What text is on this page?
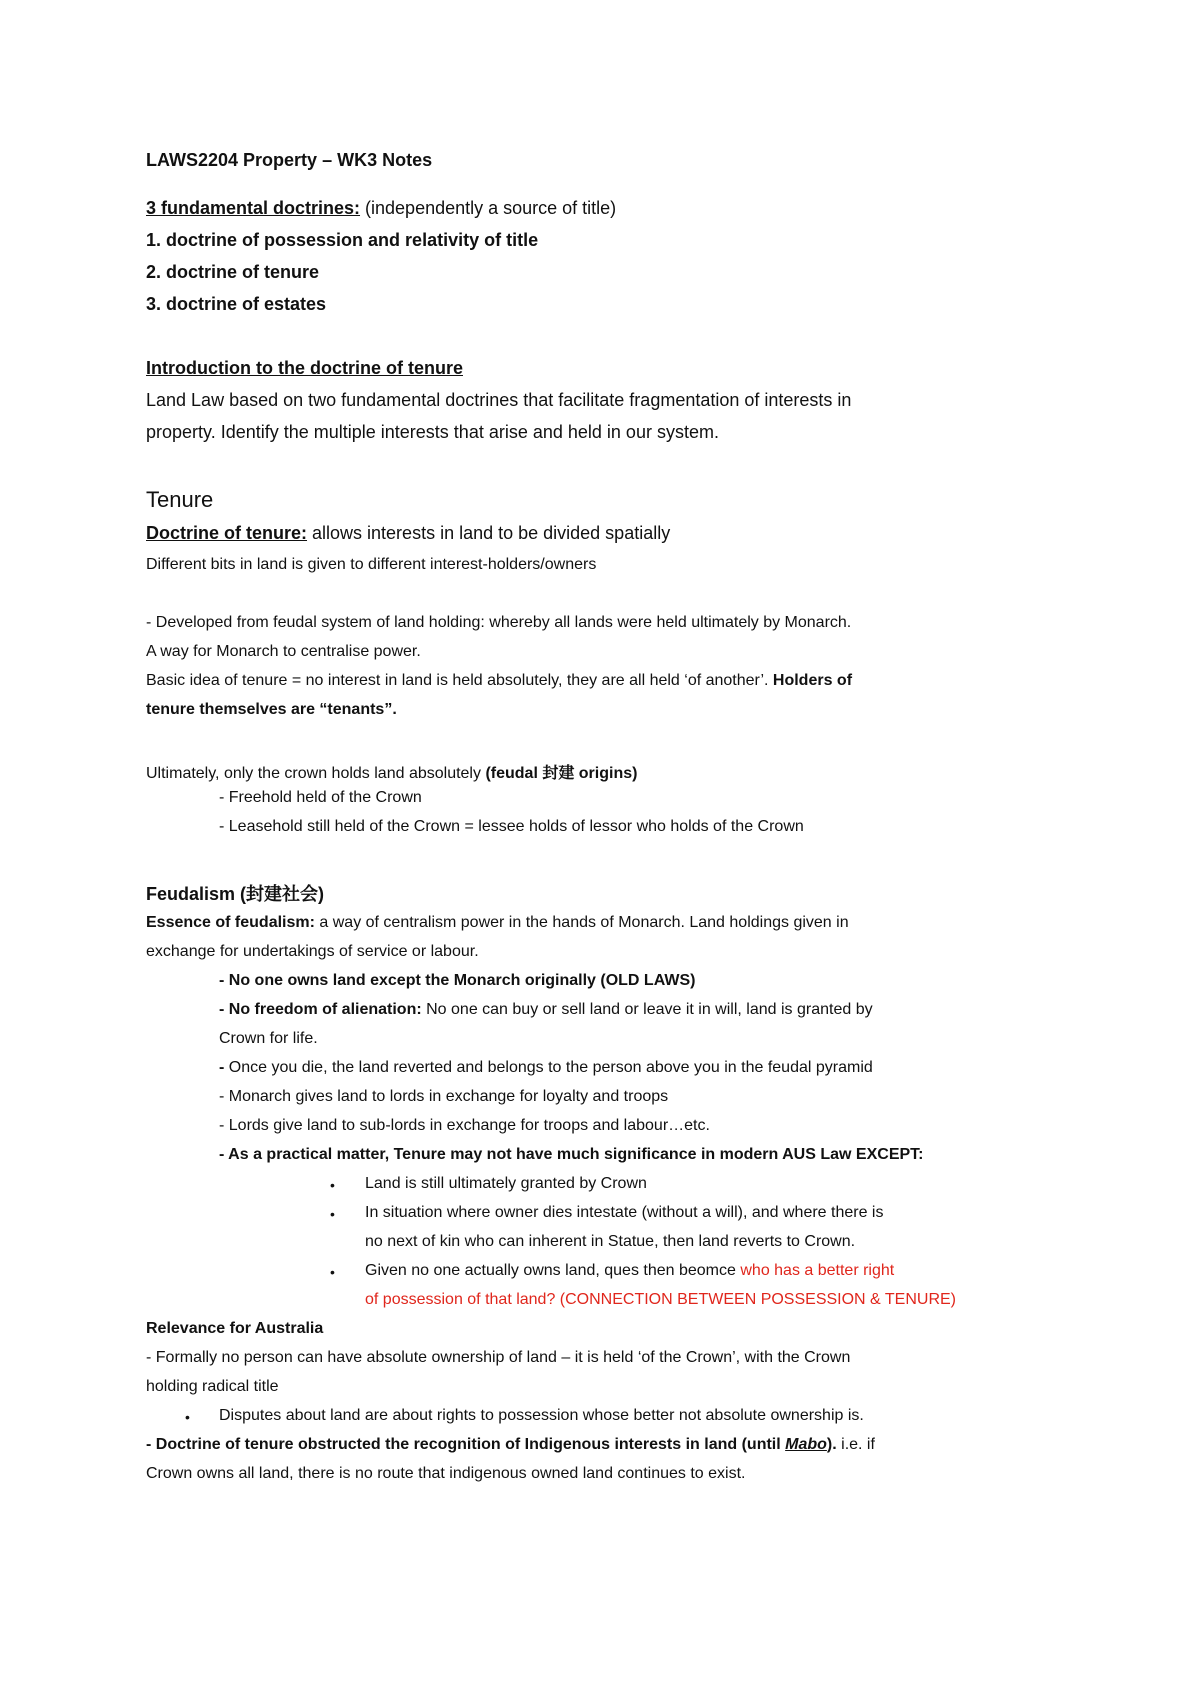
LAWS2204 Property – WK3 Notes
3 fundamental doctrines: (independently a source of title)
1. doctrine of possession and relativity of title
2. doctrine of tenure
3. doctrine of estates
Introduction to the doctrine of tenure
Land Law based on two fundamental doctrines that facilitate fragmentation of interests in
property. Identify the multiple interests that arise and held in our system.
Tenure
Doctrine of tenure: allows interests in land to be divided spatially
Different bits in land is given to different interest-holders/owners
- Developed from feudal system of land holding: whereby all lands were held ultimately by Monarch.
A way for Monarch to centralise power.
Basic idea of tenure = no interest in land is held absolutely, they are all held ‘of another’. Holders of
tenure themselves are “tenants”.
Ultimately, only the crown holds land absolutely (feudal 封建 origins)
- Freehold held of the Crown
- Leasehold still held of the Crown = lessee holds of lessor who holds of the Crown
Feudalism (封建社会)
Essence of feudalism: a way of centralism power in the hands of Monarch. Land holdings given in
exchange for undertakings of service or labour.
- No one owns land except the Monarch originally (OLD LAWS)
- No freedom of alienation: No one can buy or sell land or leave it in will, land is granted by
Crown for life.
- Once you die, the land reverted and belongs to the person above you in the feudal pyramid
- Monarch gives land to lords in exchange for loyalty and troops
- Lords give land to sub-lords in exchange for troops and labour…etc.
- As a practical matter, Tenure may not have much significance in modern AUS Law EXCEPT:
• Land is still ultimately granted by Crown
• In situation where owner dies intestate (without a will), and where there is
no next of kin who can inherent in Statue, then land reverts to Crown.
• Given no one actually owns land, ques then beomce who has a better right
of possession of that land? (CONNECTION BETWEEN POSSESSION & TENURE)
Relevance for Australia
- Formally no person can have absolute ownership of land – it is held ‘of the Crown’, with the Crown
holding radical title
• Disputes about land are about rights to possession whose better not absolute ownership is.
- Doctrine of tenure obstructed the recognition of Indigenous interests in land (until Mabo). i.e. if
Crown owns all land, there is no route that indigenous owned land continues to exist.
